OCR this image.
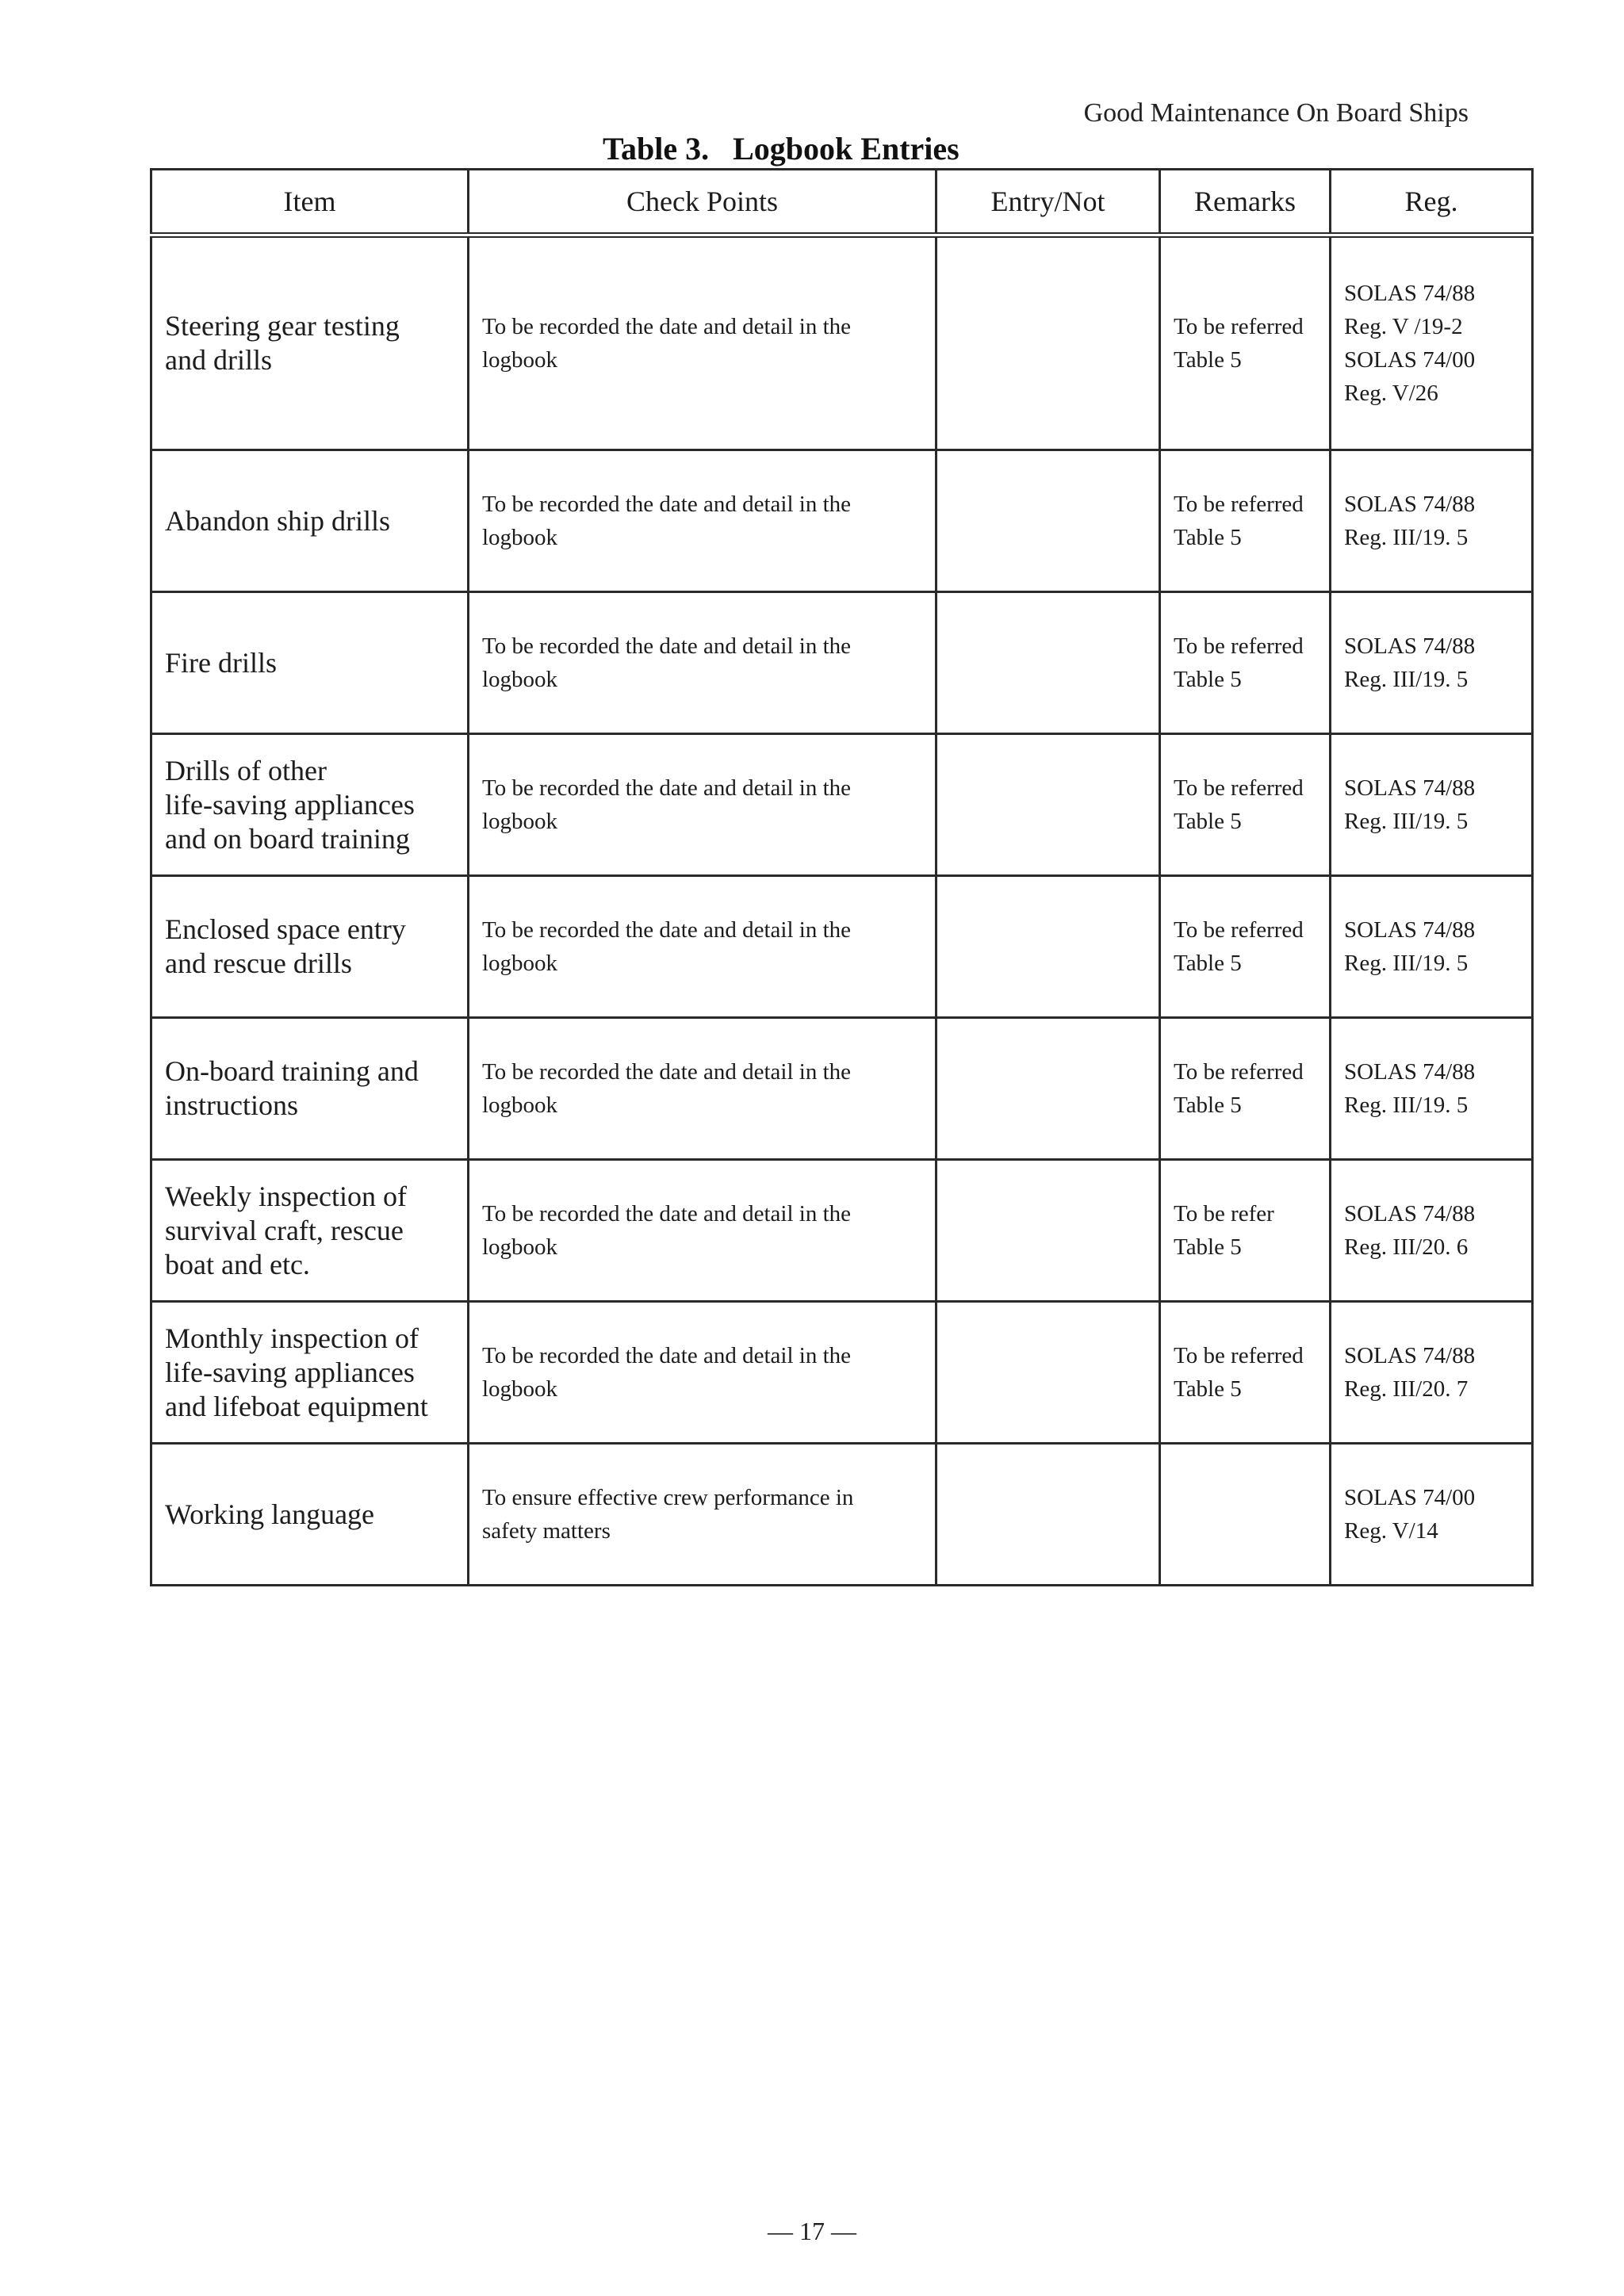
Good Maintenance On Board Ships
Table 3.   Logbook Entries
Item	Check Points	Entry/Not	Remarks	Reg.

Steering gear testing
and drills	To be recorded the date and detail in the
logbook		To be referred
Table 5	SOLAS 74/88
Reg. V /19-2
SOLAS 74/00
Reg. V/26

Abandon ship drills	To be recorded the date and detail in the
logbook		To be referred
Table 5	SOLAS 74/88
Reg. III/19. 5

Fire drills	To be recorded the date and detail in the
logbook		To be referred
Table 5	SOLAS 74/88
Reg. III/19. 5

Drills of other
life-saving appliances
and on board training	To be recorded the date and detail in the
logbook		To be referred
Table 5	SOLAS 74/88
Reg. III/19. 5

Enclosed space entry
and rescue drills	To be recorded the date and detail in the
logbook		To be referred
Table 5	SOLAS 74/88
Reg. III/19. 5

On-board training and
instructions	To be recorded the date and detail in the
logbook		To be referred
Table 5	SOLAS 74/88
Reg. III/19. 5

Weekly inspection of
survival craft, rescue
boat and etc.	To be recorded the date and detail in the
logbook		To be refer
Table 5	SOLAS 74/88
Reg. III/20. 6

Monthly inspection of
life-saving appliances
and lifeboat equipment	To be recorded the date and detail in the
logbook		To be referred
Table 5	SOLAS 74/88
Reg. III/20. 7

Working language	To ensure effective crew performance in
safety matters			SOLAS 74/00
Reg. V/14
— 17 —
